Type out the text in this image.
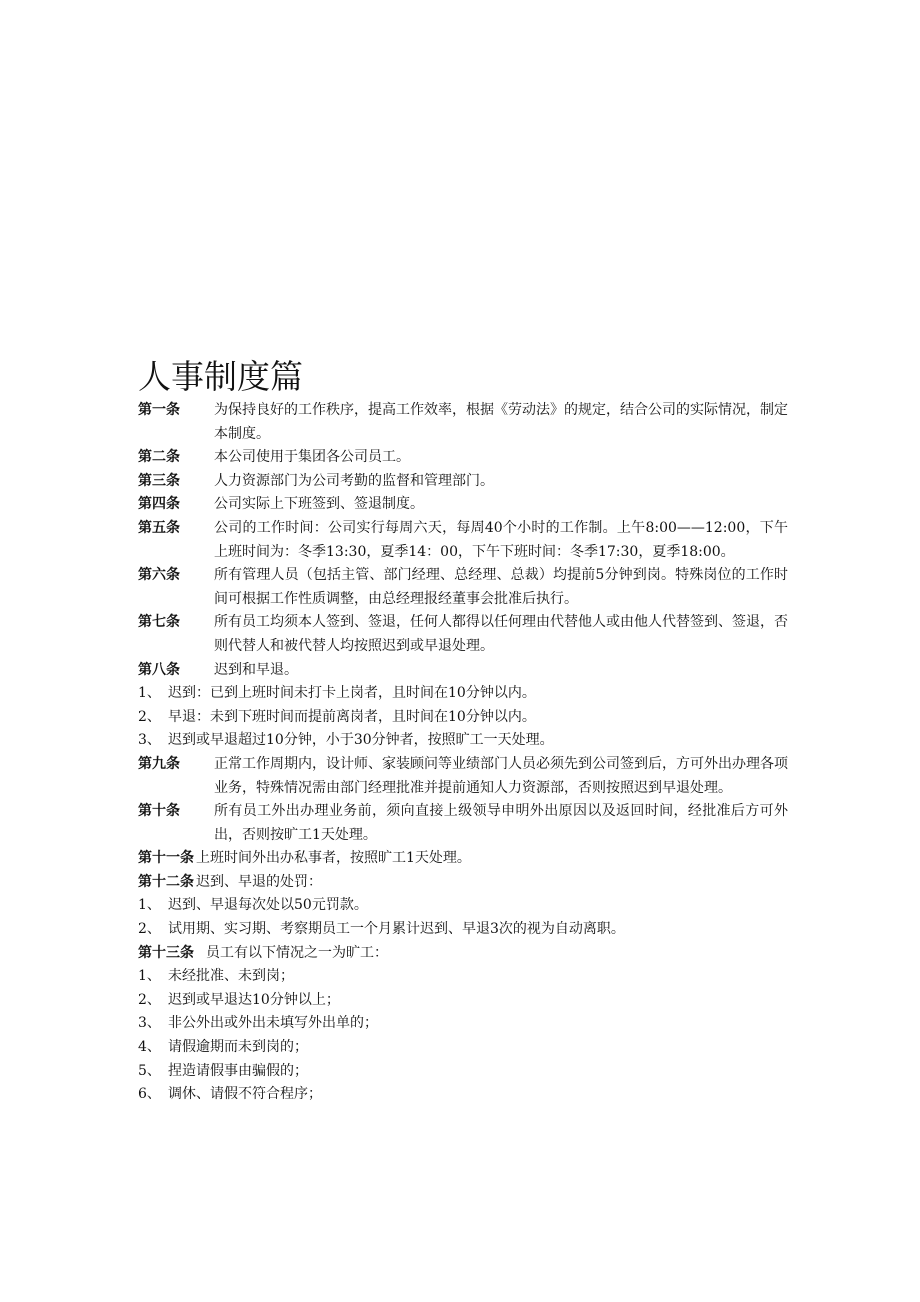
人事制度篇
第一条	为保持良好的工作秩序，提高工作效率，根据《劳动法》的规定，结合公司的实际情况，制定本制度。
第二条	本公司使用于集团各公司员工。
第三条	人力资源部门为公司考勤的监督和管理部门。
第四条	公司实际上下班签到、签退制度。
第五条	公司的工作时间：公司实行每周六天，每周40个小时的工作制。上午8:00——12:00，下午上班时间为：冬季13:30，夏季14：00，下午下班时间：冬季17:30，夏季18:00。
第六条	所有管理人员（包括主管、部门经理、总经理、总裁）均提前5分钟到岗。特殊岗位的工作时间可根据工作性质调整，由总经理报经董事会批准后执行。
第七条	所有员工均须本人签到、签退，任何人都得以任何理由代替他人或由他人代替签到、签退，否则代替人和被代替人均按照迟到或早退处理。
第八条	迟到和早退。
1、 迟到：已到上班时间未打卡上岗者，且时间在10分钟以内。
2、 早退：未到下班时间而提前离岗者，且时间在10分钟以内。
3、 迟到或早退超过10分钟，小于30分钟者，按照旷工一天处理。
第九条	正常工作周期内，设计师、家装顾问等业绩部门人员必须先到公司签到后，方可外出办理各项业务，特殊情况需由部门经理批准并提前通知人力资源部，否则按照迟到早退处理。
第十条	所有员工外出办理业务前，须向直接上级领导申明外出原因以及返回时间，经批准后方可外出，否则按旷工1天处理。
第十一条 上班时间外出办私事者，按照旷工1天处理。
第十二条 迟到、早退的处罚：
1、 迟到、早退每次处以50元罚款。
2、 试用期、实习期、考察期员工一个月累计迟到、早退3次的视为自动离职。
第十三条 员工有以下情况之一为旷工：
1、 未经批准、未到岗；
2、 迟到或早退达10分钟以上；
3、 非公外出或外出未填写外出单的；
4、 请假逾期而未到岗的；
5、 捏造请假事由骗假的；
6、 调休、请假不符合程序；
